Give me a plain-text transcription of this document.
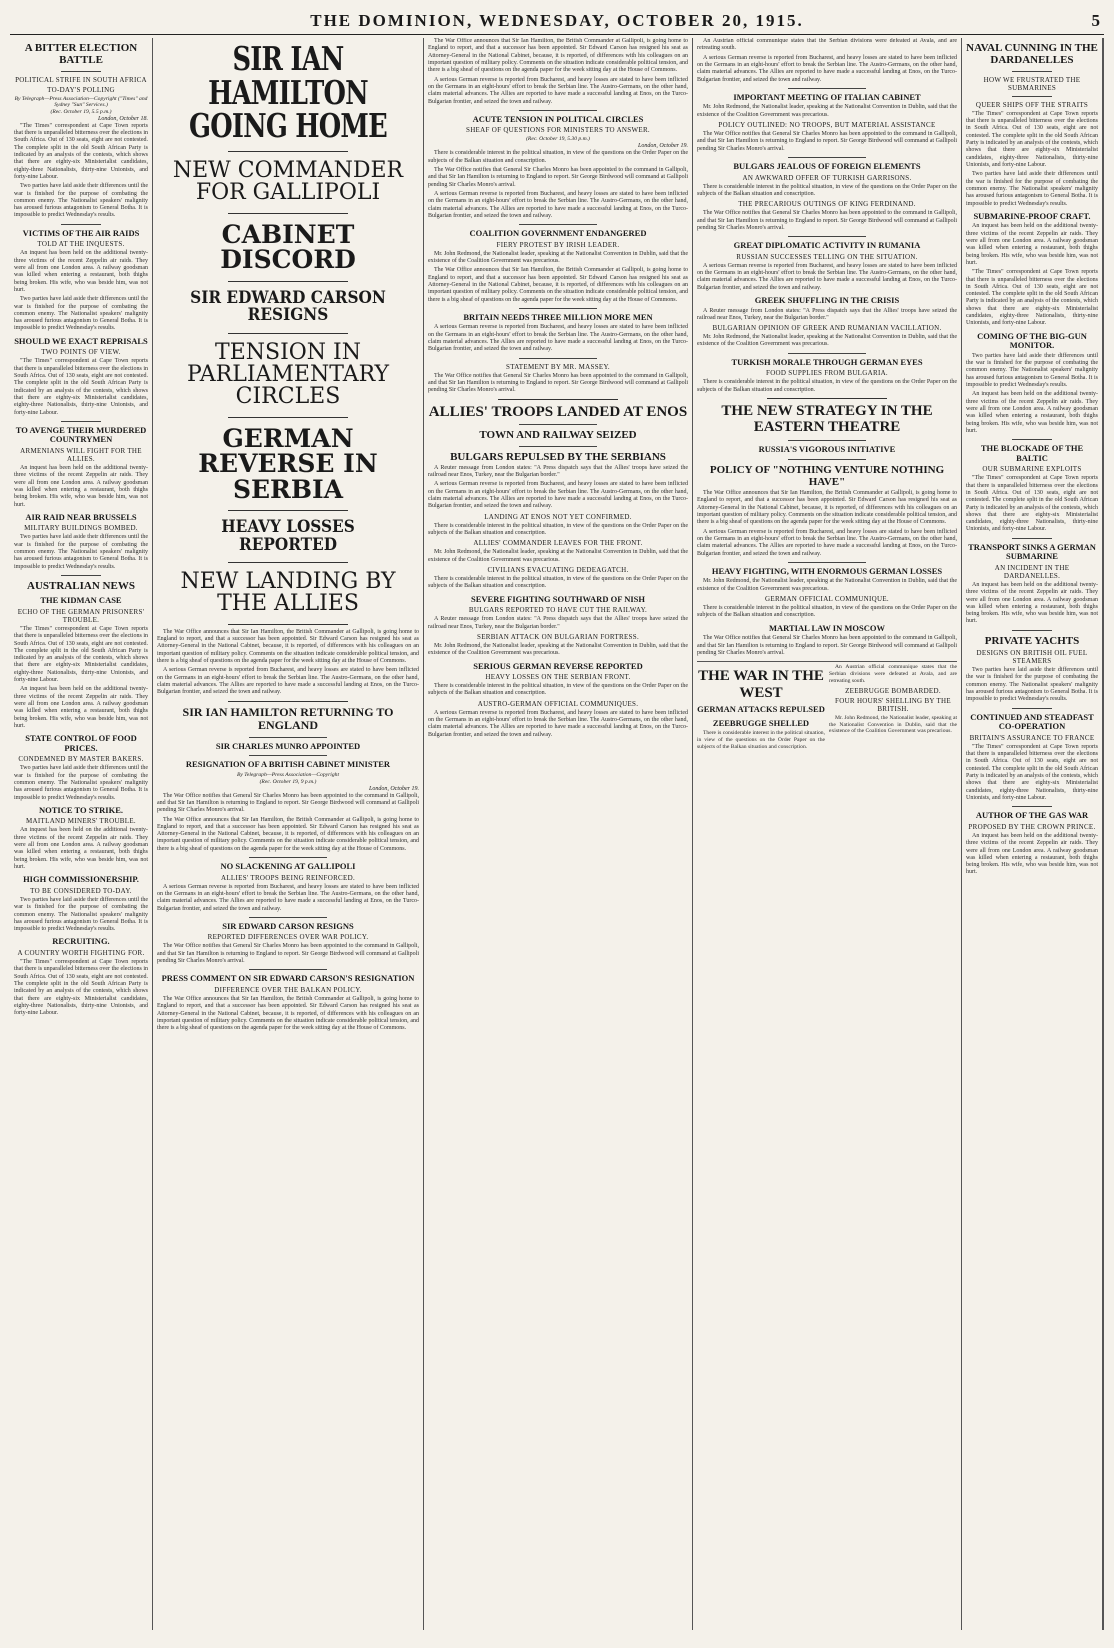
THE DOMINION, WEDNESDAY, OCTOBER 20, 1915.	5
A BITTER ELECTION BATTLE
POLITICAL STRIFE IN SOUTH AFRICA
TO-DAY'S POLLING
By Telegraph—Press Association—Copyright ("Times" and Sydney "Sun" Services.)
(Rec. October 19, 5.5 p.m.)
London, October 18.

"The Times" correspondent at Cape Town reports that there is unparalleled bitterness over the elections in South Africa. Out of 130 seats, eight are not contested. The complete split in the old South African Party is indicated by an analysis of the contests, which shows that there are eighty-six Ministerialist candidates, eighty-three Nationalists, thirty-nine Unionists, and forty-nine Labour.

Two parties have laid aside their differences until the war is finished for the purpose of combating the common enemy. The Nationalist speakers' malignity has aroused furious antagonism to General Botha. It is impossible to predict Wednesday's results.

VICTIMS OF THE AIR RAIDS
TOLD AT THE INQUESTS.

An inquest has been held on the additional twenty-three victims of the recent Zeppelin air raids. They were all from one London area. A railway goodsman was killed when entering a restaurant, both thighs being broken. His wife, who was beside him, was not hurt.

Two parties have laid aside their differences until the war is finished for the purpose of combating the common enemy. The Nationalist speakers' malignity has aroused furious antagonism to General Botha. It is impossible to predict Wednesday's results.

SHOULD WE EXACT REPRISALS
TWO POINTS OF VIEW.

"The Times" correspondent at Cape Town reports that there is unparalleled bitterness over the elections in South Africa. Out of 130 seats, eight are not contested. The complete split in the old South African Party is indicated by an analysis of the contests, which shows that there are eighty-six Ministerialist candidates, eighty-three Nationalists, thirty-nine Unionists, and forty-nine Labour.

TO AVENGE THEIR MURDERED COUNTRYMEN
ARMENIANS WILL FIGHT FOR THE ALLIES.

An inquest has been held on the additional twenty-three victims of the recent Zeppelin air raids. They were all from one London area. A railway goodsman was killed when entering a restaurant, both thighs being broken. His wife, who was beside him, was not hurt.

AIR RAID NEAR BRUSSELS
MILITARY BUILDINGS BOMBED.

Two parties have laid aside their differences until the war is finished for the purpose of combating the common enemy. The Nationalist speakers' malignity has aroused furious antagonism to General Botha. It is impossible to predict Wednesday's results.

AUSTRALIAN NEWS
THE KIDMAN CASE
ECHO OF THE GERMAN PRISONERS' TROUBLE.

"The Times" correspondent at Cape Town reports that there is unparalleled bitterness over the elections in South Africa. Out of 130 seats, eight are not contested. The complete split in the old South African Party is indicated by an analysis of the contests, which shows that there are eighty-six Ministerialist candidates, eighty-three Nationalists, thirty-nine Unionists, and forty-nine Labour.

An inquest has been held on the additional twenty-three victims of the recent Zeppelin air raids. They were all from one London area. A railway goodsman was killed when entering a restaurant, both thighs being broken. His wife, who was beside him, was not hurt.

STATE CONTROL OF FOOD PRICES.
CONDEMNED BY MASTER BAKERS.

Two parties have laid aside their differences until the war is finished for the purpose of combating the common enemy. The Nationalist speakers' malignity has aroused furious antagonism to General Botha. It is impossible to predict Wednesday's results.

NOTICE TO STRIKE.
MAITLAND MINERS' TROUBLE.

An inquest has been held on the additional twenty-three victims of the recent Zeppelin air raids. They were all from one London area. A railway goodsman was killed when entering a restaurant, both thighs being broken. His wife, who was beside him, was not hurt.

HIGH COMMISSIONERSHIP.
TO BE CONSIDERED TO-DAY.

Two parties have laid aside their differences until the war is finished for the purpose of combating the common enemy. The Nationalist speakers' malignity has aroused furious antagonism to General Botha. It is impossible to predict Wednesday's results.

RECRUITING.
A COUNTRY WORTH FIGHTING FOR.

"The Times" correspondent at Cape Town reports that there is unparalleled bitterness over the elections in South Africa. Out of 130 seats, eight are not contested. The complete split in the old South African Party is indicated by an analysis of the contests, which shows that there are eighty-six Ministerialist candidates, eighty-three Nationalists, thirty-nine Unionists, and forty-nine Labour.

SIR IAN HAMILTON GOING HOME
NEW COMMANDER FOR GALLIPOLI
CABINET DISCORD
SIR EDWARD CARSON RESIGNS
TENSION IN PARLIAMENTARY CIRCLES
GERMAN REVERSE IN SERBIA
HEAVY LOSSES REPORTED
NEW LANDING BY THE ALLIES

The War Office announces that Sir Ian Hamilton, the British Commander at Gallipoli, is going home to England to report, and that a successor has been appointed. Sir Edward Carson has resigned his seat as Attorney-General in the National Cabinet, because, it is reported, of differences with his colleagues on an important question of military policy. Comments on the situation indicate considerable political tension, and there is a big sheaf of questions on the agenda paper for the week sitting day at the House of Commons.

A serious German reverse is reported from Bucharest, and heavy losses are stated to have been inflicted on the Germans in an eight-hours' effort to break the Serbian line. The Austro-Germans, on the other hand, claim material advances. The Allies are reported to have made a successful landing at Enos, on the Turco-Bulgarian frontier, and seized the town and railway.

SIR IAN HAMILTON RETURNING TO ENGLAND
SIR CHARLES MUNRO APPOINTED
RESIGNATION OF A BRITISH CABINET MINISTER
By Telegraph—Press Association—Copyright
(Rec. October 19, 9 p.m.)
London, October 19.

The War Office notifies that General Sir Charles Monro has been appointed to the command in Gallipoli, and that Sir Ian Hamilton is returning to England to report. Sir George Birdwood will command at Gallipoli pending Sir Charles Monro's arrival.

The War Office announces that Sir Ian Hamilton, the British Commander at Gallipoli, is going home to England to report, and that a successor has been appointed. Sir Edward Carson has resigned his seat as Attorney-General in the National Cabinet, because, it is reported, of differences with his colleagues on an important question of military policy. Comments on the situation indicate considerable political tension, and there is a big sheaf of questions on the agenda paper for the week sitting day at the House of Commons.

NO SLACKENING AT GALLIPOLI
ALLIES' TROOPS BEING REINFORCED.

A serious German reverse is reported from Bucharest, and heavy losses are stated to have been inflicted on the Germans in an eight-hours' effort to break the Serbian line. The Austro-Germans, on the other hand, claim material advances. The Allies are reported to have made a successful landing at Enos, on the Turco-Bulgarian frontier, and seized the town and railway.

SIR EDWARD CARSON RESIGNS
REPORTED DIFFERENCES OVER WAR POLICY.

The War Office notifies that General Sir Charles Monro has been appointed to the command in Gallipoli, and that Sir Ian Hamilton is returning to England to report. Sir George Birdwood will command at Gallipoli pending Sir Charles Monro's arrival.

PRESS COMMENT ON SIR EDWARD CARSON'S RESIGNATION
DIFFERENCE OVER THE BALKAN POLICY.

The War Office announces that Sir Ian Hamilton, the British Commander at Gallipoli, is going home to England to report, and that a successor has been appointed. Sir Edward Carson has resigned his seat as Attorney-General in the National Cabinet, because, it is reported, of differences with his colleagues on an important question of military policy. Comments on the situation indicate considerable political tension, and there is a big sheaf of questions on the agenda paper for the week sitting day at the House of Commons.

The War Office announces that Sir Ian Hamilton, the British Commander at Gallipoli, is going home to England to report, and that a successor has been appointed. Sir Edward Carson has resigned his seat as Attorney-General in the National Cabinet, because, it is reported, of differences with his colleagues on an important question of military policy. Comments on the situation indicate considerable political tension, and there is a big sheaf of questions on the agenda paper for the week sitting day at the House of Commons.

A serious German reverse is reported from Bucharest, and heavy losses are stated to have been inflicted on the Germans in an eight-hours' effort to break the Serbian line. The Austro-Germans, on the other hand, claim material advances. The Allies are reported to have made a successful landing at Enos, on the Turco-Bulgarian frontier, and seized the town and railway.

ACUTE TENSION IN POLITICAL CIRCLES
SHEAF OF QUESTIONS FOR MINISTERS TO ANSWER.
(Rec. October 19, 5.30 p.m.)
London, October 19.

There is considerable interest in the political situation, in view of the questions on the Order Paper on the subjects of the Balkan situation and conscription.

The War Office notifies that General Sir Charles Monro has been appointed to the command in Gallipoli, and that Sir Ian Hamilton is returning to England to report. Sir George Birdwood will command at Gallipoli pending Sir Charles Monro's arrival.

A serious German reverse is reported from Bucharest, and heavy losses are stated to have been inflicted on the Germans in an eight-hours' effort to break the Serbian line. The Austro-Germans, on the other hand, claim material advances. The Allies are reported to have made a successful landing at Enos, on the Turco-Bulgarian frontier, and seized the town and railway.

COALITION GOVERNMENT ENDANGERED
FIERY PROTEST BY IRISH LEADER.

Mr. John Redmond, the Nationalist leader, speaking at the Nationalist Convention in Dublin, said that the existence of the Coalition Government was precarious.

The War Office announces that Sir Ian Hamilton, the British Commander at Gallipoli, is going home to England to report, and that a successor has been appointed. Sir Edward Carson has resigned his seat as Attorney-General in the National Cabinet, because, it is reported, of differences with his colleagues on an important question of military policy. Comments on the situation indicate considerable political tension, and there is a big sheaf of questions on the agenda paper for the week sitting day at the House of Commons.

BRITAIN NEEDS THREE MILLION MORE MEN

A serious German reverse is reported from Bucharest, and heavy losses are stated to have been inflicted on the Germans in an eight-hours' effort to break the Serbian line. The Austro-Germans, on the other hand, claim material advances. The Allies are reported to have made a successful landing at Enos, on the Turco-Bulgarian frontier, and seized the town and railway.

STATEMENT BY MR. MASSEY.

The War Office notifies that General Sir Charles Monro has been appointed to the command in Gallipoli, and that Sir Ian Hamilton is returning to England to report. Sir George Birdwood will command at Gallipoli pending Sir Charles Monro's arrival.

ALLIES' TROOPS LANDED AT ENOS
TOWN AND RAILWAY SEIZED
BULGARS REPULSED BY THE SERBIANS

A Reuter message from London states: "A Press dispatch says that the Allies' troops have seized the railroad near Enos, Turkey, near the Bulgarian border."

A serious German reverse is reported from Bucharest, and heavy losses are stated to have been inflicted on the Germans in an eight-hours' effort to break the Serbian line. The Austro-Germans, on the other hand, claim material advances. The Allies are reported to have made a successful landing at Enos, on the Turco-Bulgarian frontier, and seized the town and railway.

LANDING AT ENOS NOT YET CONFIRMED.

There is considerable interest in the political situation, in view of the questions on the Order Paper on the subjects of the Balkan situation and conscription.

ALLIES' COMMANDER LEAVES FOR THE FRONT.

Mr. John Redmond, the Nationalist leader, speaking at the Nationalist Convention in Dublin, said that the existence of the Coalition Government was precarious.

CIVILIANS EVACUATING DEDEAGATCH.

There is considerable interest in the political situation, in view of the questions on the Order Paper on the subjects of the Balkan situation and conscription.

SEVERE FIGHTING SOUTHWARD OF NISH
BULGARS REPORTED TO HAVE CUT THE RAILWAY.

A Reuter message from London states: "A Press dispatch says that the Allies' troops have seized the railroad near Enos, Turkey, near the Bulgarian border."

SERBIAN ATTACK ON BULGARIAN FORTRESS.

Mr. John Redmond, the Nationalist leader, speaking at the Nationalist Convention in Dublin, said that the existence of the Coalition Government was precarious.

SERIOUS GERMAN REVERSE REPORTED
HEAVY LOSSES ON THE SERBIAN FRONT.

There is considerable interest in the political situation, in view of the questions on the Order Paper on the subjects of the Balkan situation and conscription.

AUSTRO-GERMAN OFFICIAL COMMUNIQUES.

A serious German reverse is reported from Bucharest, and heavy losses are stated to have been inflicted on the Germans in an eight-hours' effort to break the Serbian line. The Austro-Germans, on the other hand, claim material advances. The Allies are reported to have made a successful landing at Enos, on the Turco-Bulgarian frontier, and seized the town and railway.

An Austrian official communique states that the Serbian divisions were defeated at Avala, and are retreating south.

A serious German reverse is reported from Bucharest, and heavy losses are stated to have been inflicted on the Germans in an eight-hours' effort to break the Serbian line. The Austro-Germans, on the other hand, claim material advances. The Allies are reported to have made a successful landing at Enos, on the Turco-Bulgarian frontier, and seized the town and railway.

IMPORTANT MEETING OF ITALIAN CABINET

Mr. John Redmond, the Nationalist leader, speaking at the Nationalist Convention in Dublin, said that the existence of the Coalition Government was precarious.

POLICY OUTLINED: NO TROOPS, BUT MATERIAL ASSISTANCE

The War Office notifies that General Sir Charles Monro has been appointed to the command in Gallipoli, and that Sir Ian Hamilton is returning to England to report. Sir George Birdwood will command at Gallipoli pending Sir Charles Monro's arrival.

BULGARS JEALOUS OF FOREIGN ELEMENTS
AN AWKWARD OFFER OF TURKISH GARRISONS.

There is considerable interest in the political situation, in view of the questions on the Order Paper on the subjects of the Balkan situation and conscription.

THE PRECARIOUS OUTINGS OF KING FERDINAND.

The War Office notifies that General Sir Charles Monro has been appointed to the command in Gallipoli, and that Sir Ian Hamilton is returning to England to report. Sir George Birdwood will command at Gallipoli pending Sir Charles Monro's arrival.

GREAT DIPLOMATIC ACTIVITY IN RUMANIA
RUSSIAN SUCCESSES TELLING ON THE SITUATION.

A serious German reverse is reported from Bucharest, and heavy losses are stated to have been inflicted on the Germans in an eight-hours' effort to break the Serbian line. The Austro-Germans, on the other hand, claim material advances. The Allies are reported to have made a successful landing at Enos, on the Turco-Bulgarian frontier, and seized the town and railway.

GREEK SHUFFLING IN THE CRISIS

A Reuter message from London states: "A Press dispatch says that the Allies' troops have seized the railroad near Enos, Turkey, near the Bulgarian border."

BULGARIAN OPINION OF GREEK AND RUMANIAN VACILLATION.

Mr. John Redmond, the Nationalist leader, speaking at the Nationalist Convention in Dublin, said that the existence of the Coalition Government was precarious.

TURKISH MORALE THROUGH GERMAN EYES
FOOD SUPPLIES FROM BULGARIA.

There is considerable interest in the political situation, in view of the questions on the Order Paper on the subjects of the Balkan situation and conscription.

THE NEW STRATEGY IN THE EASTERN THEATRE
RUSSIA'S VIGOROUS INITIATIVE
POLICY OF "NOTHING VENTURE NOTHING HAVE"

The War Office announces that Sir Ian Hamilton, the British Commander at Gallipoli, is going home to England to report, and that a successor has been appointed. Sir Edward Carson has resigned his seat as Attorney-General in the National Cabinet, because, it is reported, of differences with his colleagues on an important question of military policy. Comments on the situation indicate considerable political tension, and there is a big sheaf of questions on the agenda paper for the week sitting day at the House of Commons.

A serious German reverse is reported from Bucharest, and heavy losses are stated to have been inflicted on the Germans in an eight-hours' effort to break the Serbian line. The Austro-Germans, on the other hand, claim material advances. The Allies are reported to have made a successful landing at Enos, on the Turco-Bulgarian frontier, and seized the town and railway.

HEAVY FIGHTING, WITH ENORMOUS GERMAN LOSSES

Mr. John Redmond, the Nationalist leader, speaking at the Nationalist Convention in Dublin, said that the existence of the Coalition Government was precarious.

GERMAN OFFICIAL COMMUNIQUE.

There is considerable interest in the political situation, in view of the questions on the Order Paper on the subjects of the Balkan situation and conscription.

MARTIAL LAW IN MOSCOW

The War Office notifies that General Sir Charles Monro has been appointed to the command in Gallipoli, and that Sir Ian Hamilton is returning to England to report. Sir George Birdwood will command at Gallipoli pending Sir Charles Monro's arrival.

THE WAR IN THE WEST
GERMAN ATTACKS REPULSED
ZEEBRUGGE SHELLED

There is considerable interest in the political situation, in view of the questions on the Order Paper on the subjects of the Balkan situation and conscription.

An Austrian official communique states that the Serbian divisions were defeated at Avala, and are retreating south.

ZEEBRUGGE BOMBARDED.
FOUR HOURS' SHELLING BY THE BRITISH.

Mr. John Redmond, the Nationalist leader, speaking at the Nationalist Convention in Dublin, said that the existence of the Coalition Government was precarious.

NAVAL CUNNING IN THE DARDANELLES
HOW WE FRUSTRATED THE SUBMARINES
QUEER SHIPS OFF THE STRAITS

"The Times" correspondent at Cape Town reports that there is unparalleled bitterness over the elections in South Africa. Out of 130 seats, eight are not contested. The complete split in the old South African Party is indicated by an analysis of the contests, which shows that there are eighty-six Ministerialist candidates, eighty-three Nationalists, thirty-nine Unionists, and forty-nine Labour.

Two parties have laid aside their differences until the war is finished for the purpose of combating the common enemy. The Nationalist speakers' malignity has aroused furious antagonism to General Botha. It is impossible to predict Wednesday's results.

SUBMARINE-PROOF CRAFT.

An inquest has been held on the additional twenty-three victims of the recent Zeppelin air raids. They were all from one London area. A railway goodsman was killed when entering a restaurant, both thighs being broken. His wife, who was beside him, was not hurt.

"The Times" correspondent at Cape Town reports that there is unparalleled bitterness over the elections in South Africa. Out of 130 seats, eight are not contested. The complete split in the old South African Party is indicated by an analysis of the contests, which shows that there are eighty-six Ministerialist candidates, eighty-three Nationalists, thirty-nine Unionists, and forty-nine Labour.

COMING OF THE BIG-GUN MONITOR.

Two parties have laid aside their differences until the war is finished for the purpose of combating the common enemy. The Nationalist speakers' malignity has aroused furious antagonism to General Botha. It is impossible to predict Wednesday's results.

An inquest has been held on the additional twenty-three victims of the recent Zeppelin air raids. They were all from one London area. A railway goodsman was killed when entering a restaurant, both thighs being broken. His wife, who was beside him, was not hurt.

THE BLOCKADE OF THE BALTIC
OUR SUBMARINE EXPLOITS

"The Times" correspondent at Cape Town reports that there is unparalleled bitterness over the elections in South Africa. Out of 130 seats, eight are not contested. The complete split in the old South African Party is indicated by an analysis of the contests, which shows that there are eighty-six Ministerialist candidates, eighty-three Nationalists, thirty-nine Unionists, and forty-nine Labour.

TRANSPORT SINKS A GERMAN SUBMARINE
AN INCIDENT IN THE DARDANELLES.

An inquest has been held on the additional twenty-three victims of the recent Zeppelin air raids. They were all from one London area. A railway goodsman was killed when entering a restaurant, both thighs being broken. His wife, who was beside him, was not hurt.

PRIVATE YACHTS
DESIGNS ON BRITISH OIL FUEL STEAMERS

Two parties have laid aside their differences until the war is finished for the purpose of combating the common enemy. The Nationalist speakers' malignity has aroused furious antagonism to General Botha. It is impossible to predict Wednesday's results.

CONTINUED AND STEADFAST CO-OPERATION
BRITAIN'S ASSURANCE TO FRANCE

"The Times" correspondent at Cape Town reports that there is unparalleled bitterness over the elections in South Africa. Out of 130 seats, eight are not contested. The complete split in the old South African Party is indicated by an analysis of the contests, which shows that there are eighty-six Ministerialist candidates, eighty-three Nationalists, thirty-nine Unionists, and forty-nine Labour.

AUTHOR OF THE GAS WAR
PROPOSED BY THE CROWN PRINCE.

An inquest has been held on the additional twenty-three victims of the recent Zeppelin air raids. They were all from one London area. A railway goodsman was killed when entering a restaurant, both thighs being broken. His wife, who was beside him, was not hurt.
